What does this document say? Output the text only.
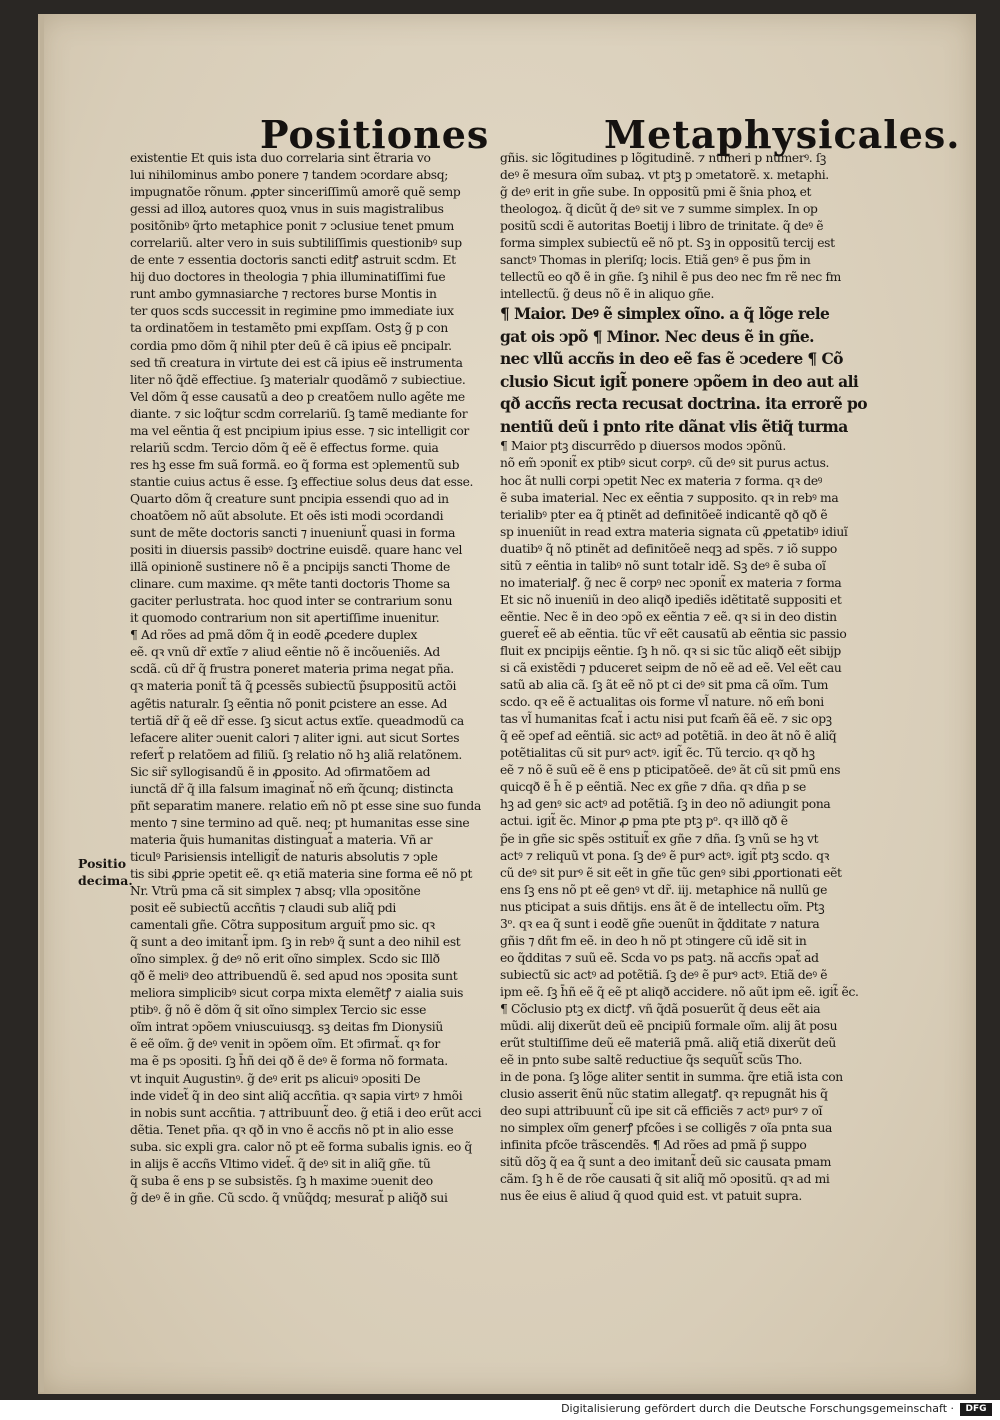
Positiones	Metaphysicales.
Positio decima.
existentie Et quis ista duo correlaria sint ẽtraria vo
lui nihilominus ambo ponere ⁊ tandem ↄcordare absq;
impugnatõe rõnum. ꝓpter sinceriſſimũ amorẽ quẽ semp
gessi ad illoꝝ autores quoꝝ vnus in suis magistralibus
positõnibꝰ q̃rto metaphice ponit ⁊ ↄclusiue tenet pmum
correlariũ. alter vero in suis subtiliſſimis questionibꝰ sup
de ente ⁊ essentia doctoris sancti editꝭ astruit scdm. Et
hij duo doctores in theologia ⁊ phia illuminatiſſimi fue
runt ambo gymnasiarche ⁊ rectores burse Montis in
ter quos scds successit in regimine pmo immediate iux
ta ordinatõem in testamẽto pmi expſſam. Ostꝫ g̃ p con
cordia pmo dõm q̃ nihil pter deũ ẽ cã ipius eẽ pncipalr.
sed tñ creatura in virtute dei est cã ipius eẽ instrumenta
liter nõ q̃dẽ effectiue. ſꝫ materialr quodãmõ ⁊ subiectiue.
Vel dõm q̃ esse causatũ a deo p creatõem nullo agẽte me
diante. ⁊ sic loq̃tur scdm correlariũ. ſꝫ tamẽ mediante for
ma vel eẽntia q̃ est pncipium ipius esse. ⁊ sic intelligit cor
relariũ scdm. Tercio dõm q̃ eẽ ẽ effectus forme. quia
res hꝫ esse fm suã formã. eo q̃ forma est ↄplementũ sub
stantie cuius actus ẽ esse. ſꝫ effectiue solus deus dat esse.
Quarto dõm q̃ creature sunt pncipia essendi quo ad in
choatõem nõ aũt absolute. Et oẽs isti modi ↄcordandi
sunt de mẽte doctoris sancti ⁊ inueniunt̃ quasi in forma
positi in diuersis passibꝰ doctrine euisdẽ. quare hanc vel
illã opinionẽ sustinere nõ ẽ a pncipijs sancti Thome de
clinare. cum maxime. qꝛ mẽte tanti doctoris Thome sa
gaciter perlustrata. hoc quod inter se contrarium sonu
it quomodo contrarium non sit apertiſſime inuenitur.
¶ Ad rões ad pmã dõm q̃ in eodẽ ꝓcedere duplex
eẽ. qꝛ vnũ dr̃ extĩe ⁊ aliud eẽntie nõ ẽ incõueniẽs. Ad
scdã. cũ dr̃ q̃ frustra poneret materia prima negat pña.
qꝛ materia ponit̃ tã q̃ ꝑcessẽs subiectũ p̃suppositũ actõi
agẽtis naturalr. ſꝫ eẽntia nõ ponit ꝑcistere an esse. Ad
tertiã dr̃ q̃ eẽ dr̃ esse. ſꝫ sicut actus extĩe. queadmodũ ca
lefacere aliter ↄuenit calori ⁊ aliter igni. aut sicut Sortes
refert̃ p relatõem ad filiũ. ſꝫ relatio nõ hꝫ aliã relatõnem.
Sic sir̃ syllogisandũ ẽ in ꝓposito. Ad ↄfirmatõem ad
iunctã dr̃ q̃ illa falsum imaginat̃ nõ em̃ q̃cunq; distincta
pñt separatim manere. relatio em̃ nõ pt esse sine suo funda
mento ⁊ sine termino ad quẽ. neq; pt humanitas esse sine
materia q̃uis humanitas distinguat̃ a materia. Vñ ar
ticulꝰ Parisiensis intelligit̃ de naturis absolutis ⁊ ↄple
tis sibi ꝓprie ↄpetit eẽ. qꝛ etiã materia sine forma eẽ nõ pt
Nr. Vtrũ pma cã sit simplex ⁊ absq; vlla ↄpositõne
posit eẽ subiectũ accñtis ⁊ claudi sub aliq̃ pdi
camentali gñe. Cõtra suppositum arguit̃ pmo sic. qꝛ
q̃ sunt a deo imitant̃ ipm. ſꝫ in rebꝰ q̃ sunt a deo nihil est
oĩno simplex. g̃ deꝰ nõ erit oĩno simplex. Scdo sic Illð
qð ẽ meliꝰ deo attribuendũ ẽ. sed apud nos ↄposita sunt
meliora simplicibꝰ sicut corpa mixta elemẽtꝭ ⁊ aialia suis
ptibꝰ. g̃ nõ ẽ dõm q̃ sit oĩno simplex Tercio sic esse
oĩm intrat ↄpõem vniuscuiusqꝫ. sꝫ deitas fm Dionysiũ
ẽ eẽ oĩm. g̃ deꝰ venit in ↄpõem oĩm. Et ↄfirmat̃. qꝛ for
ma ẽ ps ↄpositi. ſꝫ h̄ñ dei qð ẽ deꝰ ẽ forma nõ formata.
vt inquit Augustinꝰ. g̃ deꝰ erit ps alicuiꝰ ↄpositi De
inde videt̃ q̃ in deo sint aliq̃ accñtia. qꝛ sapia virtꝰ ⁊ hmõi
in nobis sunt accñtia. ⁊ attribuunt̃ deo. g̃ etiã i deo erũt acci
dẽtia. Tenet pña. qꝛ qð in vno ẽ accñs nõ pt in alio esse
suba. sic expli gra. calor nõ pt eẽ forma subalis ignis. eo q̃
in alijs ẽ accñs Vltimo videt̃. q̃ deꝰ sit in aliq̃ gñe. tũ
q̃ suba ẽ ens p se subsistẽs. ſꝫ h maxime ↄuenit deo
g̃ deꝰ ẽ in gñe. Cũ scdo. q̃ vnũq̃dq; mesurat̃ p aliq̃ð sui
gñis. sic lõgitudines p lõgitudinẽ. ⁊ numeri p numerꝰ. ſꝫ
deꝰ ẽ mesura oĩm subaꝝ. vt ptꝫ p ↄmetatorẽ. x. metaphi.
g̃ deꝰ erit in gñe sube. In oppositũ pmi ẽ s̃nia phoꝝ et
theologoꝝ. q̃ dicũt q̃ deꝰ sit ve ⁊ summe simplex. In op
positũ scdi ẽ autoritas Boetij i libro de trinitate. q̃ deꝰ ẽ
forma simplex subiectũ eẽ nõ pt. Sꝫ in oppositũ tercij est
sanctꝰ Thomas in pleriſq; locis. Etiã genꝰ ẽ pus p̃m in
tellectũ eo qð ẽ in gñe. ſꝫ nihil ẽ pus deo nec fm rẽ nec fm
intellectũ. g̃ deus nõ ẽ in aliquo gñe.
¶ Maior. Deꝰ ẽ simplex oĩno. a q̃ lõge rele
gat ois ↄpõ ¶ Minor. Nec deus ẽ in gñe.
nec vllũ accñs in deo eẽ fas ẽ ↄcedere ¶ Cõ
clusio Sicut igit̃ ponere ↄpõem in deo aut ali
qð accñs recta recusat doctrina. ita errorẽ po
nentiũ deũ i pnto rite dãnat vlis ẽtiq̃ turma
¶ Maior ptꝫ discurrẽdo p diuersos modos ↄpõnũ.
nõ em̃ ↄponit̃ ex ptibꝰ sicut corpꝰ. cũ deꝰ sit purus actus.
hoc ãt nulli corpi ↄpetit Nec ex materia ⁊ forma. qꝛ deꝰ
ẽ suba imaterial. Nec ex eẽntia ⁊ supposito. qꝛ in rebꝰ ma
terialibꝰ pter ea q̃ ptinẽt ad definitõeẽ indicantẽ qð qð ẽ
sp inueniũt in read extra materia signata cũ ꝓpetatibꝰ idiuĩ
duatibꝰ q̃ nõ ptinẽt ad definitõeẽ neqꝫ ad spẽs. ⁊ iõ suppo
sitũ ⁊ eẽntia in talibꝰ nõ sunt totalr idẽ. Sꝫ deꝰ ẽ suba oĩ
no imaterialꝭ. g̃ nec ẽ corpꝰ nec ↄponit̃ ex materia ⁊ forma
Et sic nõ inueniũ in deo aliqð ipediẽs idẽtitatẽ suppositi et
eẽntie. Nec ẽ in deo ↄpõ ex eẽntia ⁊ eẽ. qꝛ si in deo distin
gueret̃ eẽ ab eẽntia. tũc vr̃ eẽt causatũ ab eẽntia sic passio
fluit ex pncipijs eẽntie. ſꝫ h nõ. qꝛ si sic tũc aliqð eẽt sibijp
si cã existẽdi ⁊ pduceret seipm de nõ eẽ ad eẽ. Vel eẽt cau
satũ ab alia cã. ſꝫ ãt eẽ nõ pt ci deꝰ sit pma cã oĩm. Tum
scdo. qꝛ eẽ ẽ actualitas ois forme vl̃ nature. nõ em̃ boni
tas vl̃ humanitas fcat̃ i actu nisi put fcam̃ ẽã eẽ. ⁊ sic opꝫ
q̃ eẽ ↄpef ad eẽntiã. sic actꝰ ad potẽtiã. in deo ãt nõ ẽ aliq̃
potẽtialitas cũ sit purꝰ actꝰ. igit̃ ẽc. Tũ tercio. qꝛ qð hꝫ
eẽ ⁊ nõ ẽ suũ eẽ ẽ ens p pticipatõeẽ. deꝰ ãt cũ sit pmũ ens
quicqð ẽ h̄ ẽ p eẽntiã. Nec ex gñe ⁊ dña. qꝛ dña p se
hꝫ ad genꝰ sic actꝰ ad potẽtiã. ſꝫ in deo nõ adiungit pona
actui. igit̃ ẽc. Minor ꝓ pma pte ptꝫ pᵒ. qꝛ illð qð ẽ
p̃e in gñe sic spẽs ↄstituit̃ ex gñe ⁊ dña. ſꝫ vnũ se hꝫ vt
actꝰ ⁊ reliquũ vt pona. ſꝫ deꝰ ẽ purꝰ actꝰ. igit̃ ptꝫ scdo. qꝛ
cũ deꝰ sit purꝰ ẽ sit eẽt in gñe tũc genꝰ sibi ꝓportionati eẽt
ens ſꝫ ens nõ pt eẽ genꝰ vt dr̃. iij. metaphice nã nullũ ge
nus pticipat a suis dñtijs. ens ãt ẽ de intellectu oĩm. Ptꝫ
3ᵒ. qꝛ ea q̃ sunt i eodẽ gñe ↄuenũt in q̃dditate ⁊ natura
gñis ⁊ dñt fm eẽ. in deo h nõ pt ↄtingere cũ idẽ sit in
eo q̃dditas ⁊ suũ eẽ. Scda vo ps patꝫ. nã accñs ↄpat̃ ad
subiectũ sic actꝰ ad potẽtiã. ſꝫ deꝰ ẽ purꝰ actꝰ. Etiã deꝰ ẽ
ipm eẽ. ſꝫ h̄ñ eẽ q̃ eẽ pt aliqð accidere. nõ aũt ipm eẽ. igit̃ ẽc.
¶ Cõclusio ptꝫ ex dictꝭ. vñ q̃dã posuerũt q̃ deus eẽt aia
mũdi. alij dixerũt deũ eẽ pncipiũ formale oĩm. alij ãt posu
erũt stultiſſime deũ eẽ materiã pmã. aliq̃ etiã dixerũt deũ
eẽ in pnto sube saltẽ reductiue q̃s sequũt̃ scũs Tho.
in de pona. ſꝫ lõge aliter sentit in summa. q̃re etiã ista con
clusio asserit ẽnũ nũc statim allegatꝭ. qꝛ repugnãt his q̃
deo supi attribuunt̃ cũ ipe sit cã efficiẽs ⁊ actꝰ purꝰ ⁊ oĩ
no simplex oĩm generꝭ pfcões i se colligẽs ⁊ oĩa pnta sua
infinita pfcõe trãscendẽs. ¶ Ad rões ad pmã p̃ suppo
sitũ dõꝫ q̃ ea q̃ sunt a deo imitant̃ deũ sic causata pmam
cãm. ſꝫ h ẽ de rõe causati q̃ sit aliq̃ mõ ↄpositũ. qꝛ ad mi
nus ẽe eius ẽ aliud q̃ quod quid est. vt patuit supra.
Digitalisierung gefördert durch die Deutsche Forschungsgemeinschaft ·	DFG
